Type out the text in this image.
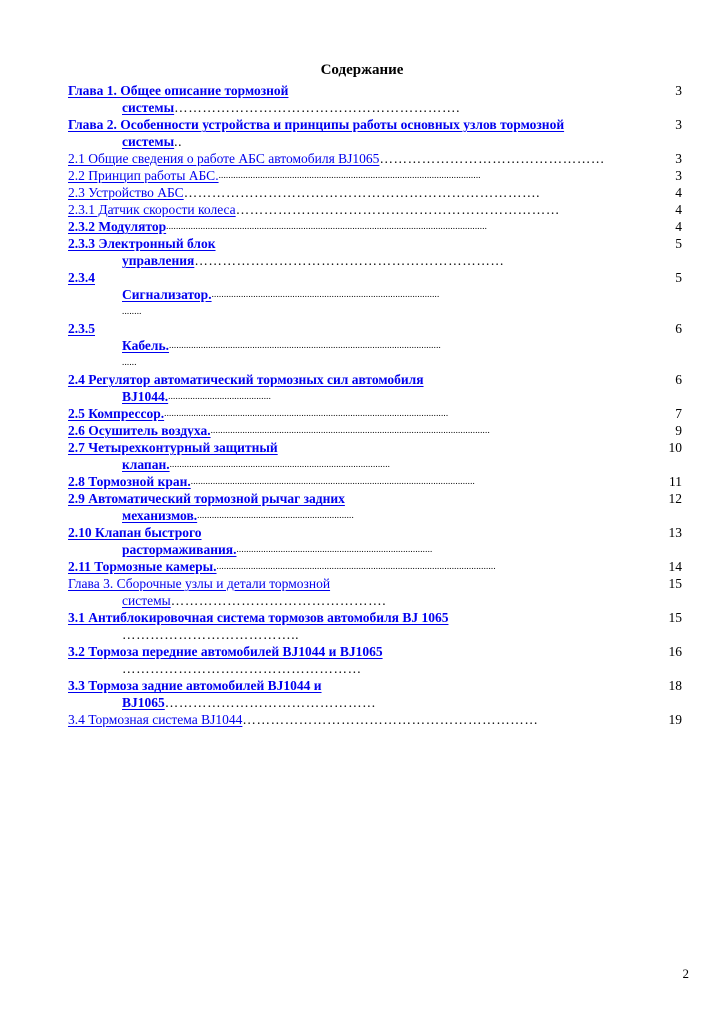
Содержание
Глава 1. Общее описание тормозной	3
системы…………………………………………………….
Глава 2. Особенности устройства и принципы работы основных узлов тормозной	3
системы..
2.1 Общие сведения о работе АБС автомобиля BJ1065…………………………………………	3
2.2 Принцип работы АБС............................................................................................................	3
2.3 Устройство АБС………………………………………………………………….	4
2.3.1 Датчик скорости колеса……………………………………………………………	4
2.3.2 Модулятор...................................................................................................................................	4
2.3.3 Электронный блок	5
управления…………………………………………………………
2.3.4	5
Сигнализатор..............................................................................................
........
2.3.5	6
Кабель................................................................................................................
......
2.4 Регулятор автоматический тормозных сил автомобиля	6
BJ1044...........................................
2.5 Компрессор.....................................................................................................................	7
2.6 Осушитель воздуха...................................................................................................................	9
2.7 Четырехконтурный защитный	10
клапан...........................................................................................
2.8 Тормозной кран.....................................................................................................................	11
2.9 Автоматический тормозной рычаг задних	12
механизмов.................................................................
2.10 Клапан быстрого	13
растормаживания.................................................................................
2.11 Тормозные камеры...................................................................................................................	14
Глава 3. Сборочные узлы и детали тормозной	15
системы……………………………………….
3.1 Антиблокировочная система тормозов автомобиля BJ 1065	15
………………………………..
3.2 Тормоза передние автомобилей BJ1044 и BJ1065	16
……………………………………………
3.3 Тормоза задние автомобилей BJ1044 и	18
BJ1065………………………………………
3.4 Тормозная система BJ1044………………………………………………………	19
2
